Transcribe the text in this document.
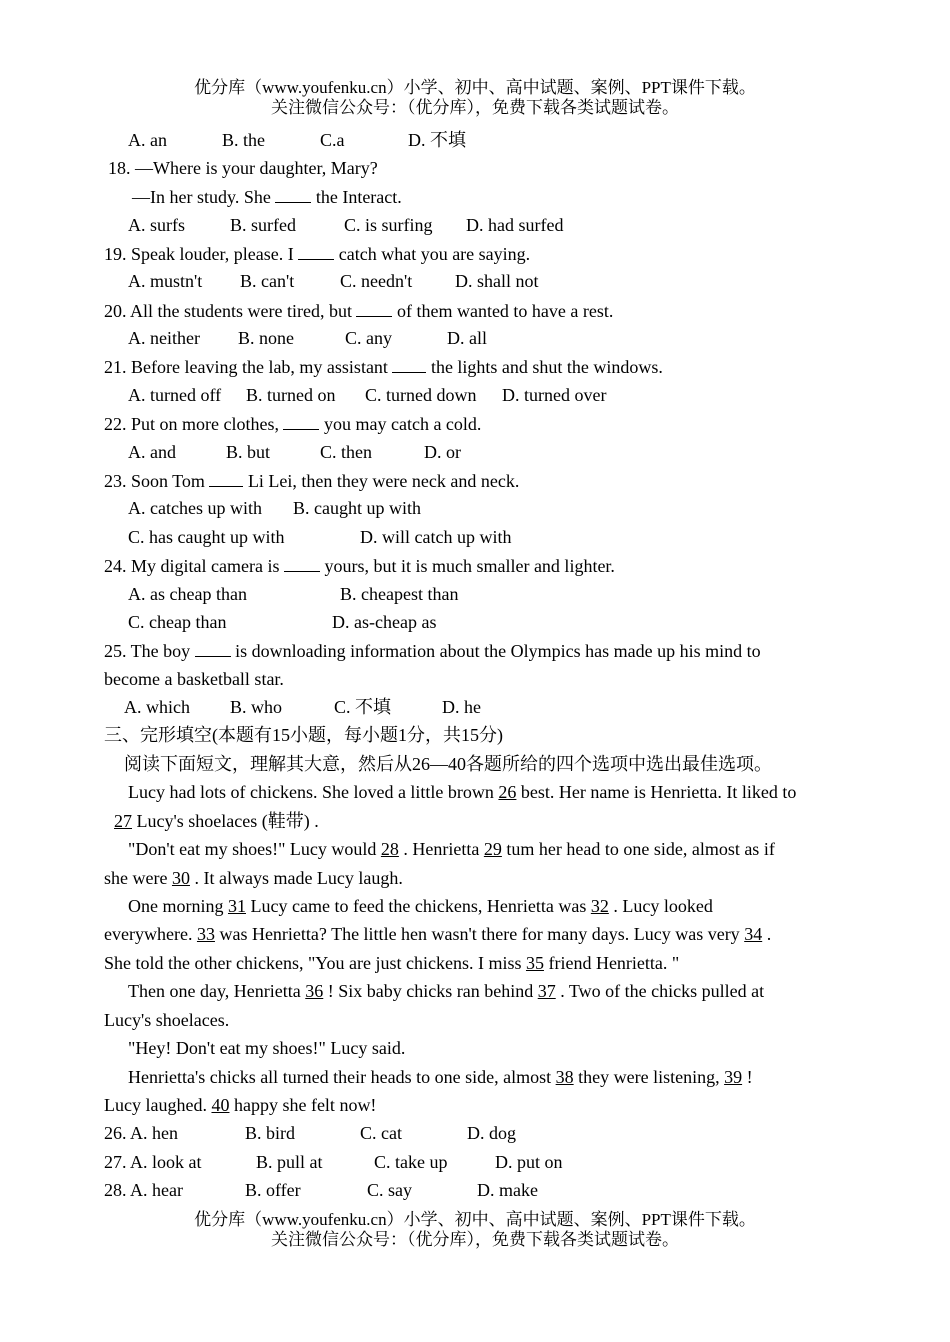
优分库（www.youfenku.cn）小学、初中、高中试题、案例、PPT课件下载。
关注微信公众号：（优分库），免费下载各类试题试卷。
A. an	B. the	C.a	D. 不填
18. —Where is your daughter, Mary?
—In her study. She  the Interact.
A. surfs	B. surfed	C. is surfing D. had surfed
19. Speak louder, please. I  catch what you are saying.
A. mustn't B. can't	C. needn't D. shall not
20. All the students were tired, but  of them wanted to have a rest.
A. neither B. none	C. any	D. all
21. Before leaving the lab, my assistant  the lights and shut the windows.
A. turned off B. turned on C. turned down D. turned over
22. Put on more clothes,  you may catch a cold.
A. and	B. but	C. then	D. or
23. Soon Tom  Li Lei, then they were neck and neck.
A. catches up with B. caught up with
C. has caught up with	D. will catch up with
24. My digital camera is  yours, but it is much smaller and lighter.
A. as cheap than	B. cheapest than
C. cheap than	D. as-cheap as
25. The boy  is downloading information about the Olympics has made up his mind to
become a basketball star.
A. which B. who	C. 不填	D. he
三、完形填空(本题有15小题，每小题1分，共15分)
阅读下面短文，理解其大意，然后从26—40各题所给的四个选项中选出最佳选项。
Lucy had lots of chickens. She loved a little brown 26 best. Her name is Henrietta. It liked to
27 Lucy's shoelaces (鞋带) .
"Don't eat my shoes!" Lucy would 28 . Henrietta 29 tum her head to one side, almost as if
she were 30 . It always made Lucy laugh.
One morning 31 Lucy came to feed the chickens, Henrietta was 32 . Lucy looked
everywhere. 33 was Henrietta? The little hen wasn't there for many days. Lucy was very 34 .
She told the other chickens, "You are just chickens. I miss 35 friend Henrietta. "
Then one day, Henrietta 36 ! Six baby chicks ran behind 37 . Two of the chicks pulled at
Lucy's shoelaces.
"Hey! Don't eat my shoes!" Lucy said.
Henrietta's chicks all turned their heads to one side, almost 38 they were listening, 39 !
Lucy laughed. 40 happy she felt now!
26. A. hen	B. bird	C. cat	D. dog
27. A. look at	B. pull at	C. take up	D. put on
28. A. hear	B. offer	C. say	D. make
优分库（www.youfenku.cn）小学、初中、高中试题、案例、PPT课件下载。
关注微信公众号：（优分库），免费下载各类试题试卷。
